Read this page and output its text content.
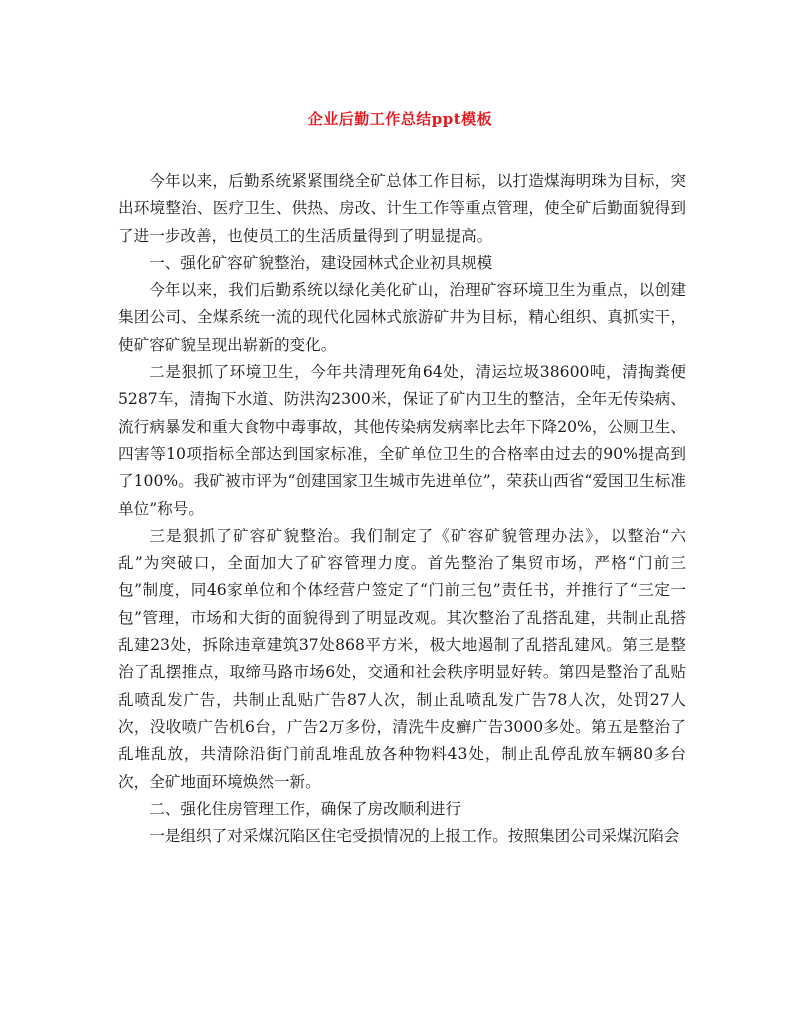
企业后勤工作总结ppt模板

今年以来，后勤系统紧紧围绕全矿总体工作目标，以打造煤海明珠为目标，突出环境整治、医疗卫生、供热、房改、计生工作等重点管理，使全矿后勤面貌得到了进一步改善，也使员工的生活质量得到了明显提高。

一、强化矿容矿貌整治，建设园林式企业初具规模

今年以来，我们后勤系统以绿化美化矿山，治理矿容环境卫生为重点，以创建集团公司、全煤系统一流的现代化园林式旅游矿井为目标，精心组织、真抓实干，使矿容矿貌呈现出崭新的变化。

二是狠抓了环境卫生，今年共清理死角64处，清运垃圾38600吨，清掏粪便5287车，清掏下水道、防洪沟2300米，保证了矿内卫生的整洁，全年无传染病、流行病暴发和重大食物中毒事故，其他传染病发病率比去年下降20%，公厕卫生、四害等10项指标全部达到国家标准，全矿单位卫生的合格率由过去的90%提高到了100%。我矿被市评为“创建国家卫生城市先进单位”，荣获山西省“爱国卫生标准单位”称号。

三是狠抓了矿容矿貌整治。我们制定了《矿容矿貌管理办法》，以整治“六乱”为突破口，全面加大了矿容管理力度。首先整治了集贸市场，严格“门前三包”制度，同46家单位和个体经营户签定了“门前三包”责任书，并推行了“三定一包”管理，市场和大街的面貌得到了明显改观。其次整治了乱搭乱建，共制止乱搭乱建23处，拆除违章建筑37处868平方米，极大地遏制了乱搭乱建风。第三是整治了乱摆推点，取缔马路市场6处，交通和社会秩序明显好转。第四是整治了乱贴乱喷乱发广告，共制止乱贴广告87人次，制止乱喷乱发广告78人次，处罚27人次，没收喷广告机6台，广告2万多份，清洗牛皮癣广告3000多处。第五是整治了乱堆乱放，共清除沿街门前乱堆乱放各种物料43处，制止乱停乱放车辆80多台次，全矿地面环境焕然一新。

二、强化住房管理工作，确保了房改顺利进行

一是组织了对采煤沉陷区住宅受损情况的上报工作。按照集团公司采煤沉陷会
